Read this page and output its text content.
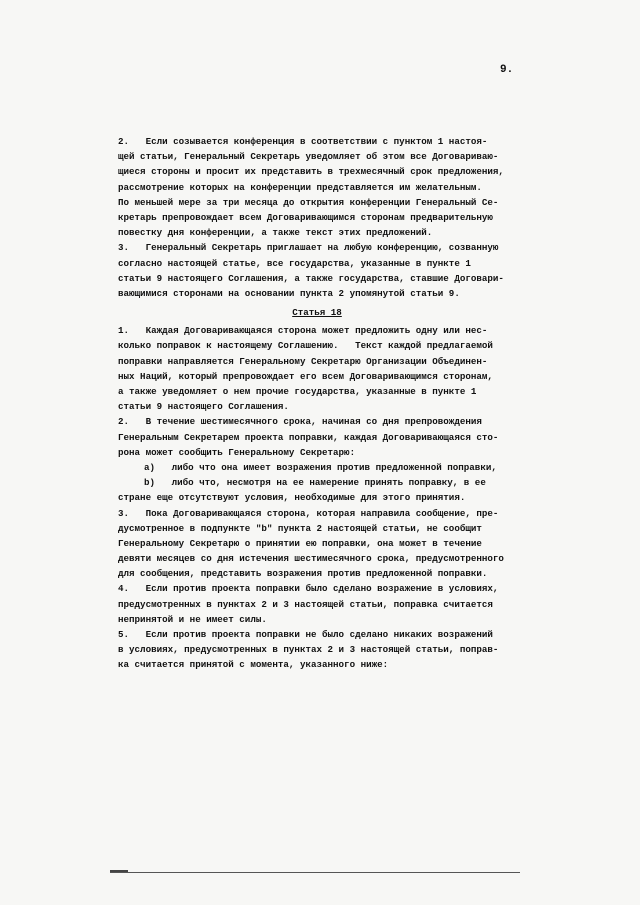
9.
2.   Если созывается конференция в соответствии с пунктом 1 настоя-
щей статьи, Генеральный Секретарь уведомляет об этом все Договариваю-
щиеся стороны и просит их представить в трехмесячный срок предложения,
рассмотрение которых на конференции представляется им желательным.
По меньшей мере за три месяца до открытия конференции Генеральный Се-
кретарь препровождает всем Договаривающимся сторонам предварительную
повестку дня конференции, а также текст этих предложений.
3.   Генеральный Секретарь приглашает на любую конференцию, созванную
согласно настоящей статье, все государства, указанные в пункте 1
статьи 9 настоящего Соглашения, а также государства, ставшие Договари-
вающимися сторонами на основании пункта 2 упомянутой статьи 9.
Статья 18
1.   Каждая Договаривающаяся сторона может предложить одну или нес-
колько поправок к настоящему Соглашению.   Текст каждой предлагаемой
поправки направляется Генеральному Секретарю Организации Объединен-
ных Наций, который препровождает его всем Договаривающимся сторонам,
а также уведомляет о нем прочие государства, указанные в пункте 1
статьи 9 настоящего Соглашения.
2.   В течение шестимесячного срока, начиная со дня препровождения
Генеральным Секретарем проекта поправки, каждая Договаривающаяся сто-
рона может сообщить Генеральному Секретарю:
a)   либо что она имеет возражения против предложенной поправки,
b)   либо что, несмотря на ее намерение принять поправку, в ее
стране еще отсутствуют условия, необходимые для этого принятия.
3.   Пока Договаривающаяся сторона, которая направила сообщение, пре-
дусмотренное в подпункте "b" пункта 2 настоящей статьи, не сообщит
Генеральному Секретарю о принятии ею поправки, она может в течение
девяти месяцев со дня истечения шестимесячного срока, предусмотренного
для сообщения, представить возражения против предложенной поправки.
4.   Если против проекта поправки было сделано возражение в условиях,
предусмотренных в пунктах 2 и 3 настоящей статьи, поправка считается
непринятой и не имеет силы.
5.   Если против проекта поправки не было сделано никаких возражений
в условиях, предусмотренных в пунктах 2 и 3 настоящей статьи, поправ-
ка считается принятой с момента, указанного ниже:
